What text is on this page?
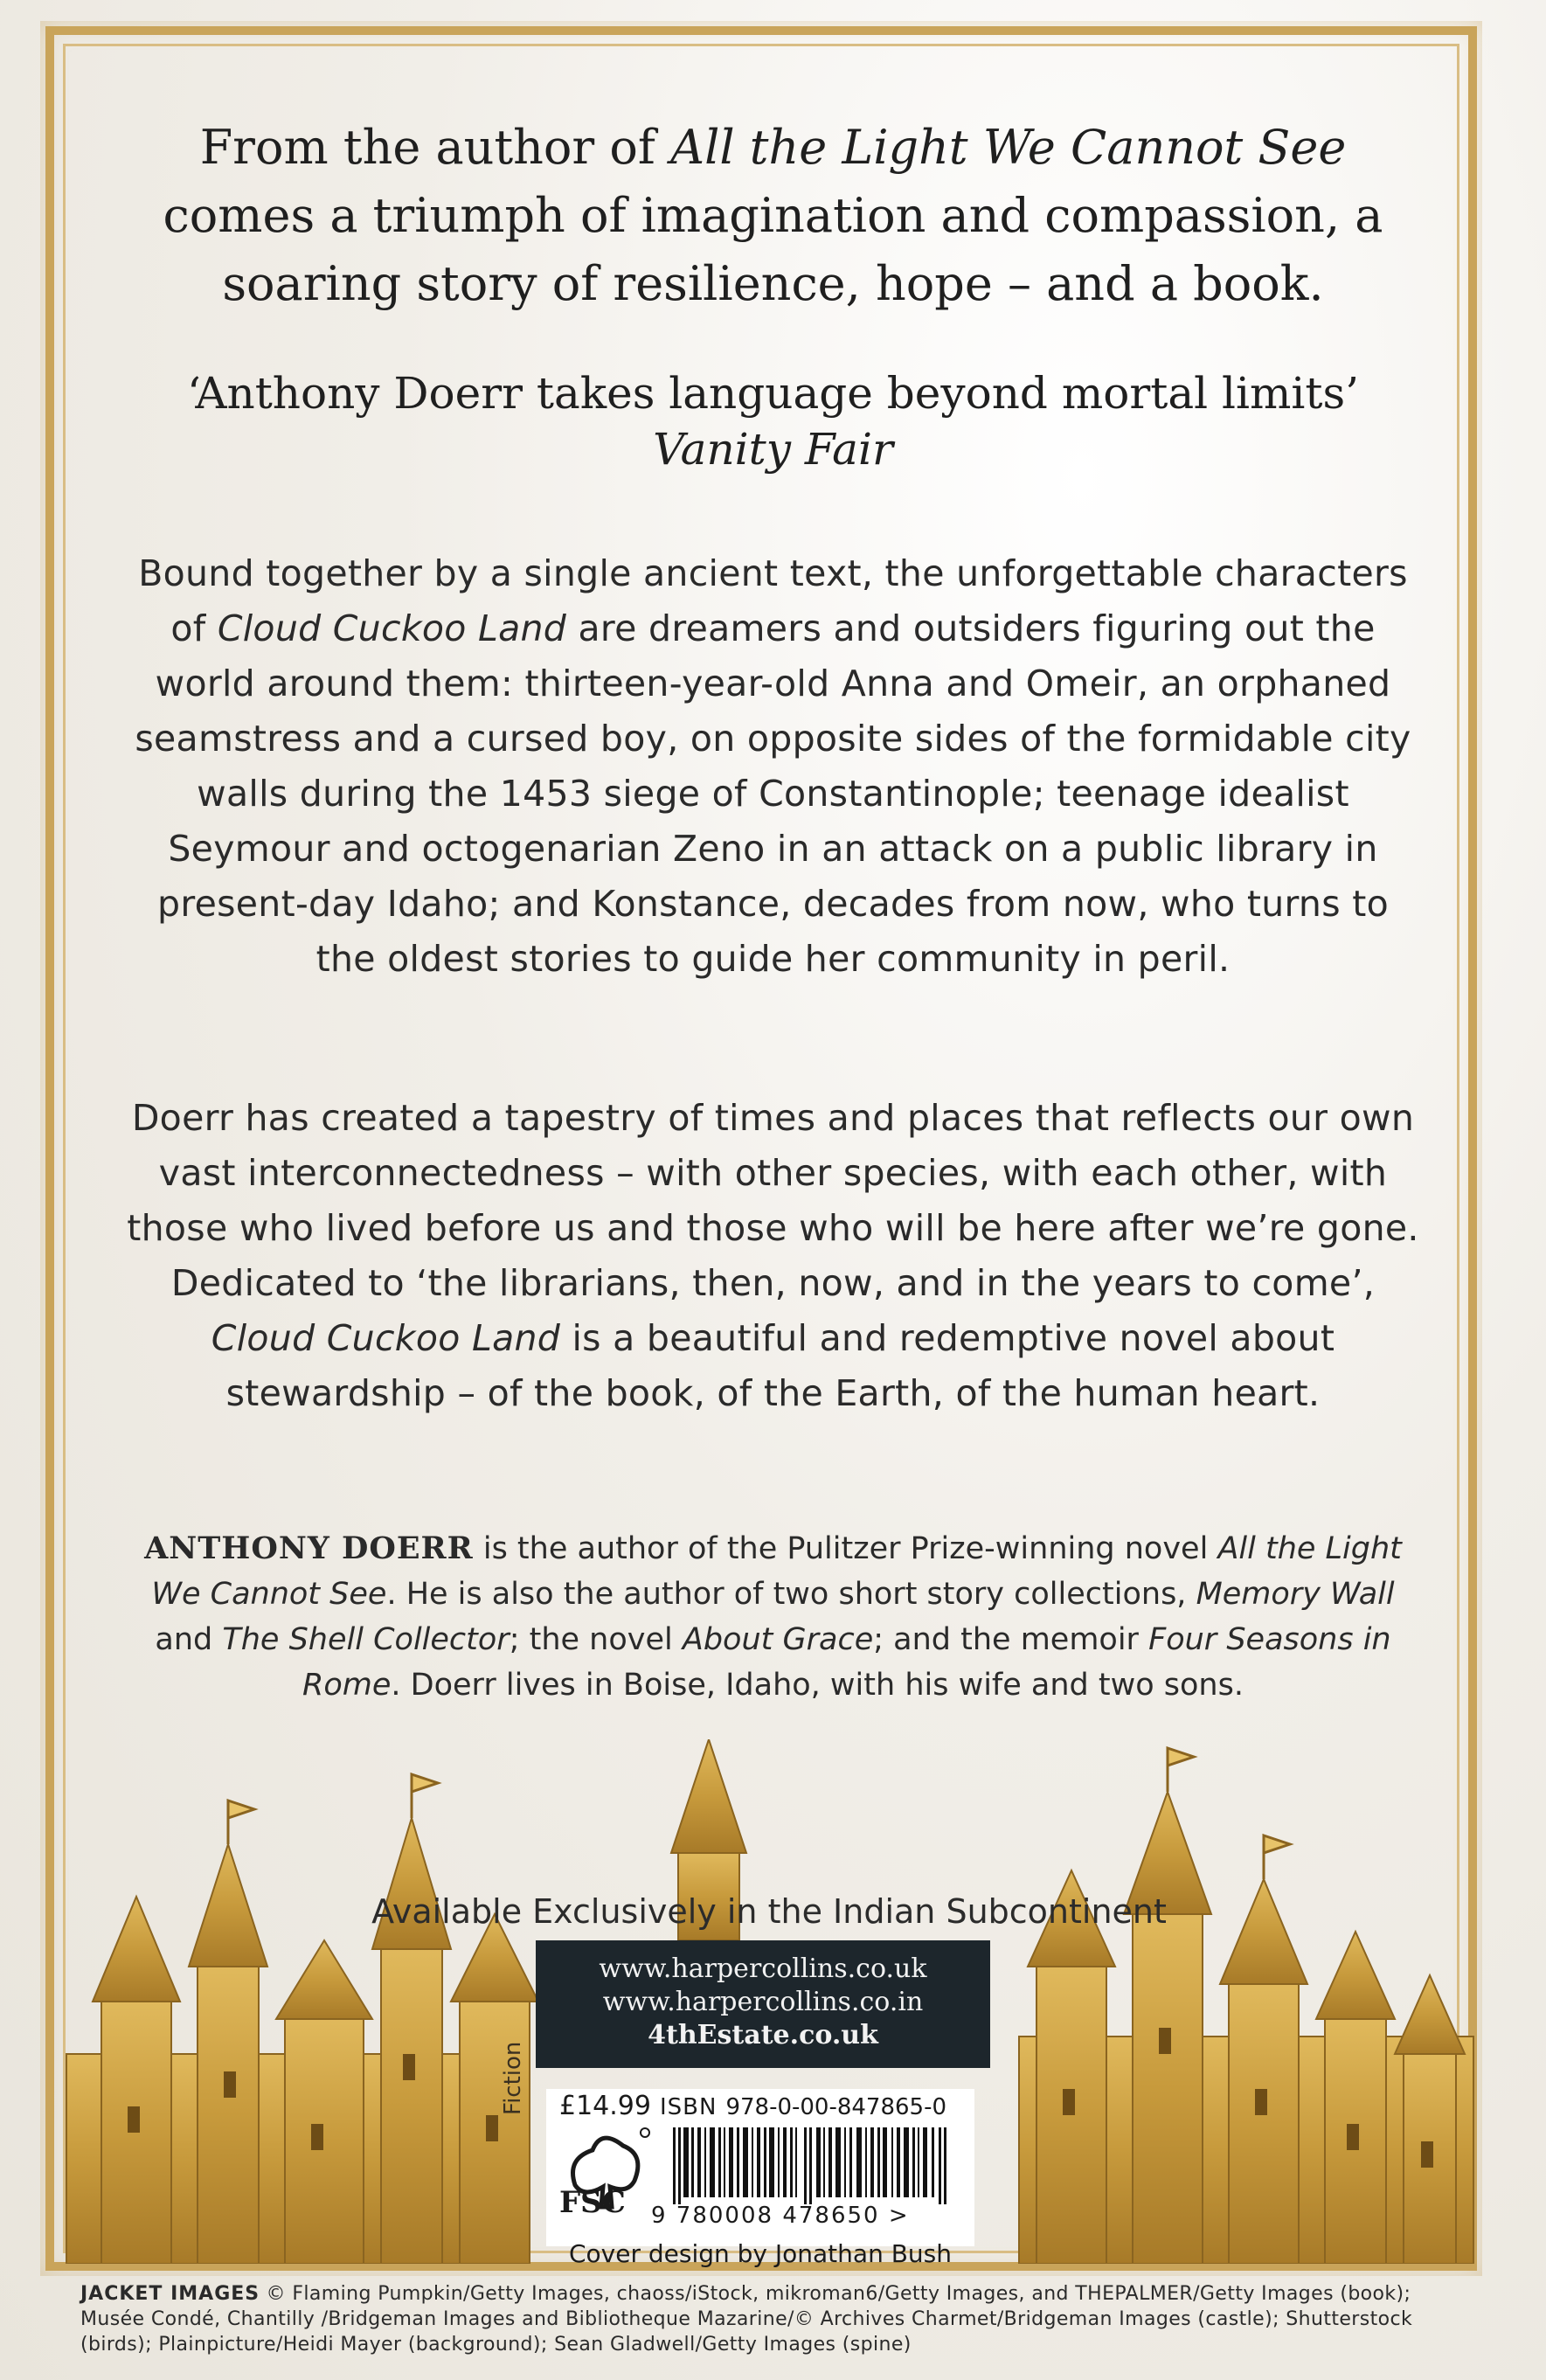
From the author of All the Light We Cannot See comes a triumph of imagination and compassion, a soaring story of resilience, hope – and a book.
‘Anthony Doerr takes language beyond mortal limits’
Vanity Fair
Bound together by a single ancient text, the unforgettable characters of Cloud Cuckoo Land are dreamers and outsiders figuring out the world around them: thirteen-year-old Anna and Omeir, an orphaned seamstress and a cursed boy, on opposite sides of the formidable city walls during the 1453 siege of Constantinople; teenage idealist Seymour and octogenarian Zeno in an attack on a public library in present-day Idaho; and Konstance, decades from now, who turns to the oldest stories to guide her community in peril.
Doerr has created a tapestry of times and places that reflects our own vast interconnectedness – with other species, with each other, with those who lived before us and those who will be here after we’re gone. Dedicated to ‘the librarians, then, now, and in the years to come’, Cloud Cuckoo Land is a beautiful and redemptive novel about stewardship – of the book, of the Earth, of the human heart.
ANTHONY DOERR is the author of the Pulitzer Prize-winning novel All the Light We Cannot See. He is also the author of two short story collections, Memory Wall and The Shell Collector; the novel About Grace; and the memoir Four Seasons in Rome. Doerr lives in Boise, Idaho, with his wife and two sons.
Available Exclusively in the Indian Subcontinent
www.harpercollins.co.uk
www.harpercollins.co.in
4thEstate.co.uk
£14.99 ISBN 978-0-00-847865-0
FSC 9 780008 478650 >
Fiction
Cover design by Jonathan Bush
JACKET IMAGES © Flaming Pumpkin/Getty Images, chaoss/iStock, mikroman6/Getty Images, and THEPALMER/Getty Images (book); Musée Condé, Chantilly /Bridgeman Images and Bibliotheque Mazarine/© Archives Charmet/Bridgeman Images (castle); Shutterstock (birds); Plainpicture/Heidi Mayer (background); Sean Gladwell/Getty Images (spine)
